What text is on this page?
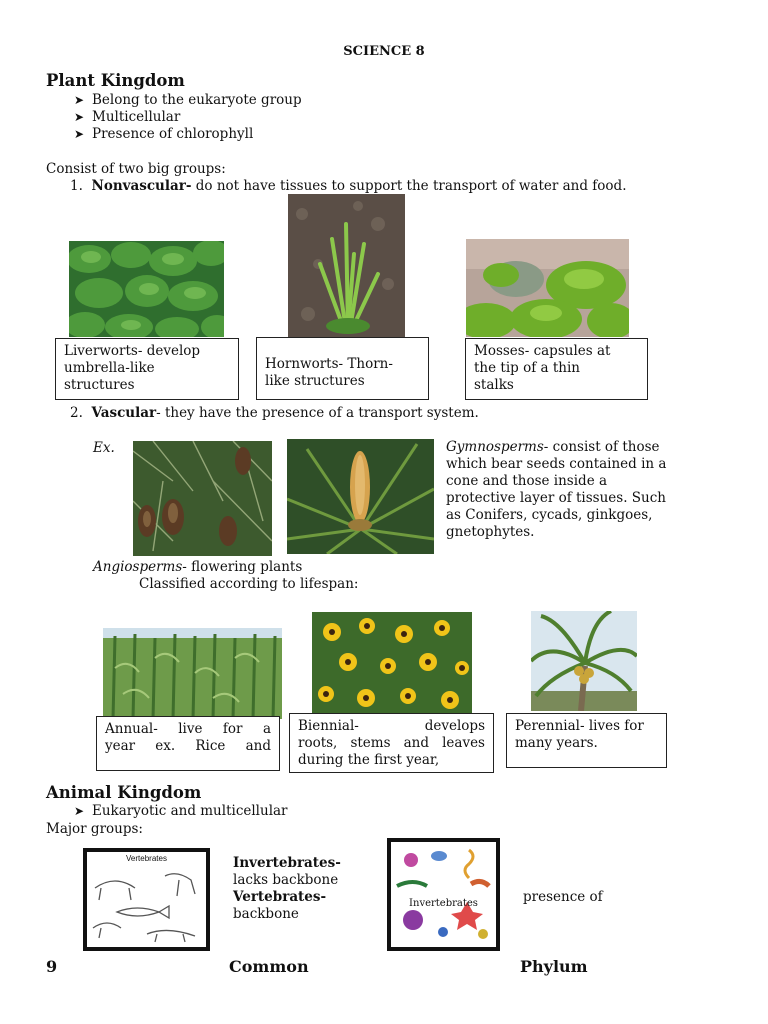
SCIENCE 8
Plant Kingdom
➤ Belong to the eukaryote group
➤ Multicellular
➤ Presence of chlorophyll
Consist of two big groups:
1. Nonvascular- do not have tissues to support the transport of water and food.
Liverworts- develop
umbrella-like
structures
Hornworts- Thorn-
like structures
Mosses- capsules at
the tip of a thin
stalks
2. Vascular- they have the presence of a transport system.
Ex.	Gymnosperms- consist of those
which bear seeds contained in a
cone and those inside a
protective layer of tissues. Such
as Conifers, cycads, ginkgoes,
gnetophytes.
Angiosperms- flowering plants
Classified according to lifespan:
Annual- live for a
year ex. Rice and
Biennial- develops
roots, stems and leaves
during the first year,
Perennial- lives for
many years.
Animal Kingdom
➤ Eukaryotic and multicellular
Major groups:
Vertebrates	Invertebrates-
lacks backbone
Vertebrates-
backbone
Invertebrates	presence of
9	Common	Phylum
